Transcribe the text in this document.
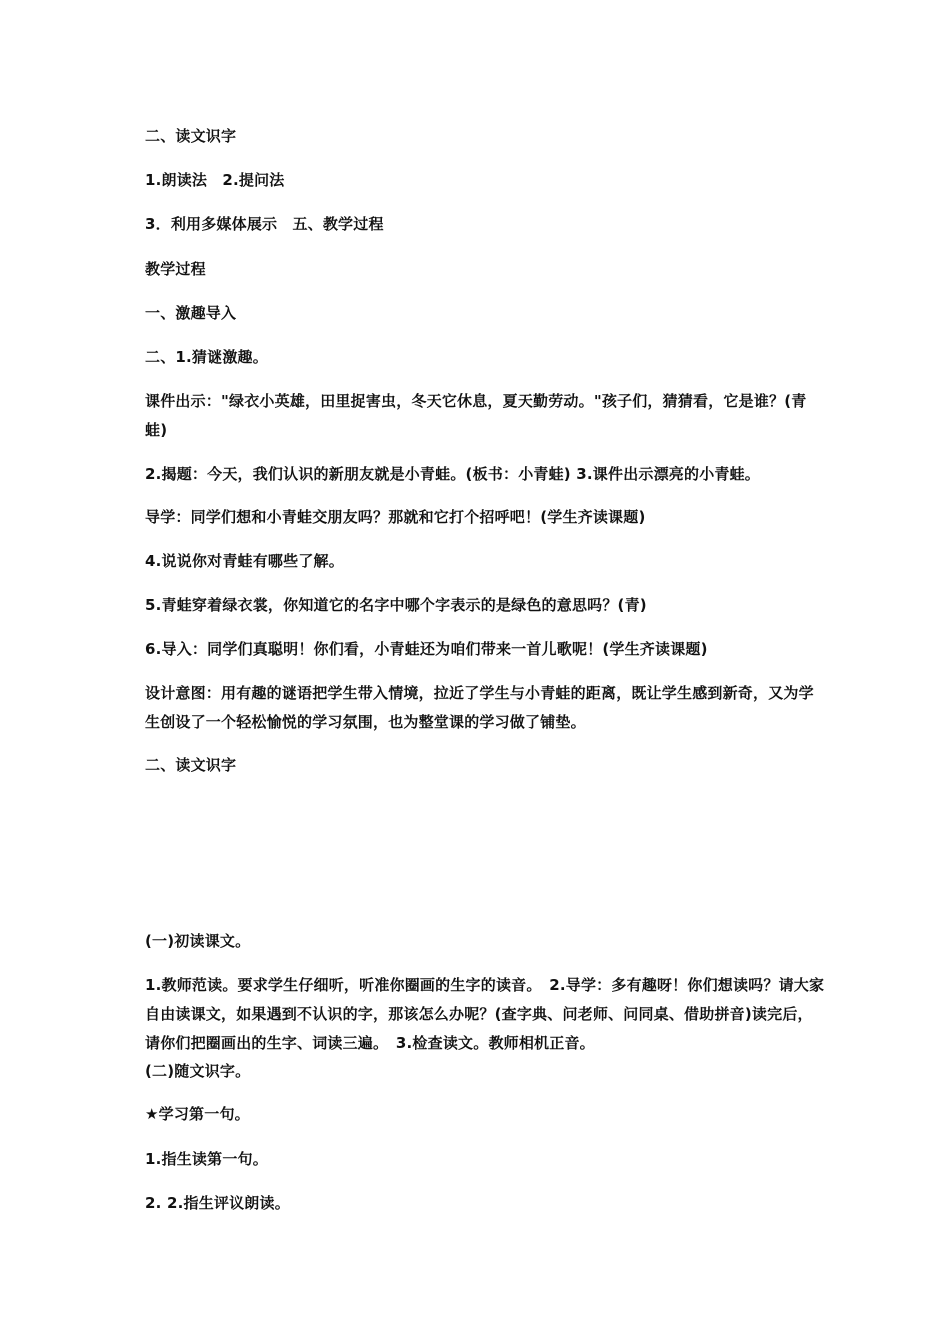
二、读文识字
1.朗读法　2.提问法
3．利用多媒体展示　五、教学过程
教学过程
一、激趣导入
二、1.猜谜激趣。
课件出示："绿衣小英雄，田里捉害虫，冬天它休息，夏天勤劳动。"孩子们，猜猜看，它是谁？(青蛙)
2.揭题：今天，我们认识的新朋友就是小青蛙。(板书：小青蛙) 3.课件出示漂亮的小青蛙。
导学：同学们想和小青蛙交朋友吗？那就和它打个招呼吧！(学生齐读课题)
4.说说你对青蛙有哪些了解。
5.青蛙穿着绿衣裳，你知道它的名字中哪个字表示的是绿色的意思吗？(青)
6.导入：同学们真聪明！你们看，小青蛙还为咱们带来一首儿歌呢！(学生齐读课题)
设计意图：用有趣的谜语把学生带入情境，拉近了学生与小青蛙的距离，既让学生感到新奇，又为学生创设了一个轻松愉悦的学习氛围，也为整堂课的学习做了铺垫。
二、读文识字
(一)初读课文。
1.教师范读。要求学生仔细听，听准你圈画的生字的读音。　2.导学：多有趣呀！你们想读吗？请大家自由读课文，如果遇到不认识的字，那该怎么办呢？(查字典、问老师、问同桌、借助拼音)读完后，请你们把圈画出的生字、词读三遍。　3.检查读文。教师相机正音。
(二)随文识字。
★学习第一句。
1.指生读第一句。
2. 2.指生评议朗读。
